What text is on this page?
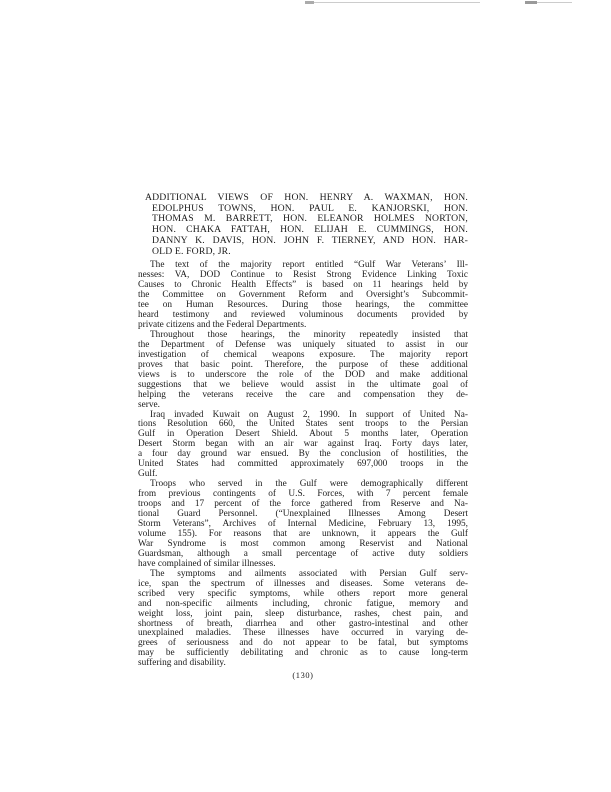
ADDITIONAL VIEWS OF HON. HENRY A. WAXMAN, HON.
EDOLPHUS TOWNS, HON. PAUL E. KANJORSKI, HON.
THOMAS M. BARRETT, HON. ELEANOR HOLMES NORTON,
HON. CHAKA FATTAH, HON. ELIJAH E. CUMMINGS, HON.
DANNY K. DAVIS, HON. JOHN F. TIERNEY, AND HON. HAR-
OLD E. FORD, JR.
The text of the majority report entitled “Gulf War Veterans’ Ill-
nesses: VA, DOD Continue to Resist Strong Evidence Linking Toxic
Causes to Chronic Health Effects” is based on 11 hearings held by
the Committee on Government Reform and Oversight’s Subcommit-
tee on Human Resources. During those hearings, the committee
heard testimony and reviewed voluminous documents provided by
private citizens and the Federal Departments.
Throughout those hearings, the minority repeatedly insisted that
the Department of Defense was uniquely situated to assist in our
investigation of chemical weapons exposure. The majority report
proves that basic point. Therefore, the purpose of these additional
views is to underscore the role of the DOD and make additional
suggestions that we believe would assist in the ultimate goal of
helping the veterans receive the care and compensation they de-
serve.
Iraq invaded Kuwait on August 2, 1990. In support of United Na-
tions Resolution 660, the United States sent troops to the Persian
Gulf in Operation Desert Shield. About 5 months later, Operation
Desert Storm began with an air war against Iraq. Forty days later,
a four day ground war ensued. By the conclusion of hostilities, the
United States had committed approximately 697,000 troops in the
Gulf.
Troops who served in the Gulf were demographically different
from previous contingents of U.S. Forces, with 7 percent female
troops and 17 percent of the force gathered from Reserve and Na-
tional Guard Personnel. (“Unexplained Illnesses Among Desert
Storm Veterans”, Archives of Internal Medicine, February 13, 1995,
volume 155). For reasons that are unknown, it appears the Gulf
War Syndrome is most common among Reservist and National
Guardsman, although a small percentage of active duty soldiers
have complained of similar illnesses.
The symptoms and ailments associated with Persian Gulf serv-
ice, span the spectrum of illnesses and diseases. Some veterans de-
scribed very specific symptoms, while others report more general
and non-specific ailments including, chronic fatigue, memory and
weight loss, joint pain, sleep disturbance, rashes, chest pain, and
shortness of breath, diarrhea and other gastro-intestinal and other
unexplained maladies. These illnesses have occurred in varying de-
grees of seriousness and do not appear to be fatal, but symptoms
may be sufficiently debilitating and chronic as to cause long-term
suffering and disability.
(130)
